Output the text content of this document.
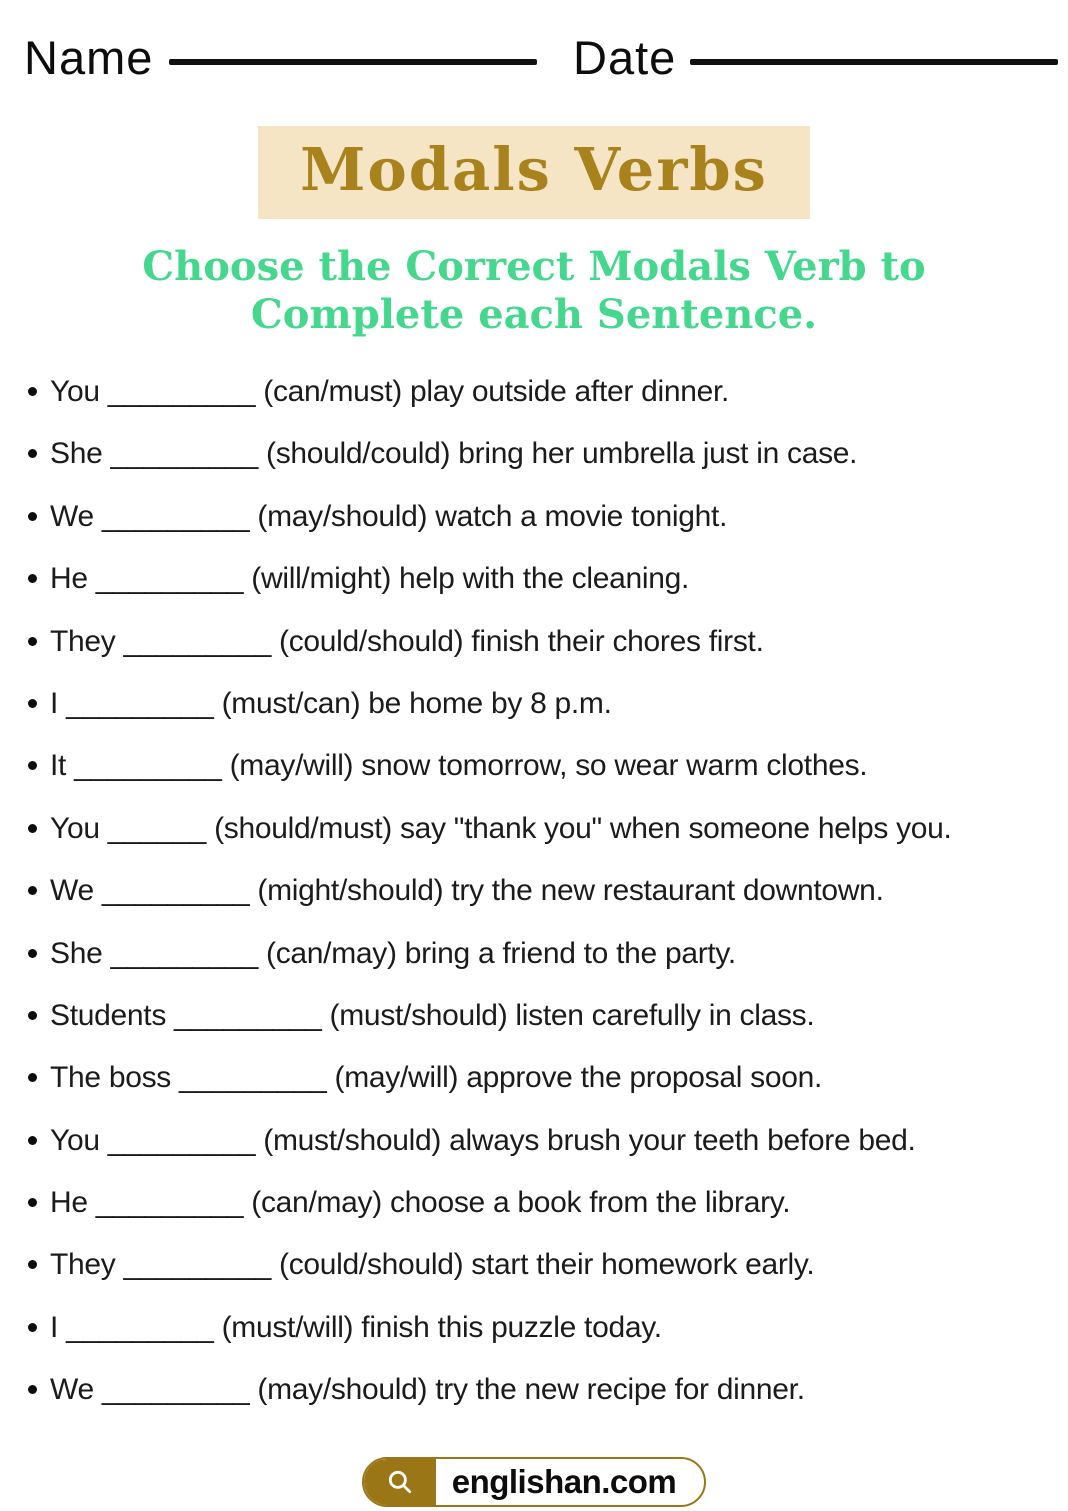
Name	Date
Modals Verbs
Choose the Correct Modals Verb to Complete each Sentence.
You _________ (can/must) play outside after dinner.
She _________ (should/could) bring her umbrella just in case.
We _________ (may/should) watch a movie tonight.
He _________ (will/might) help with the cleaning.
They _________ (could/should) finish their chores first.
I _________ (must/can) be home by 8 p.m.
It _________ (may/will) snow tomorrow, so wear warm clothes.
You ______ (should/must) say "thank you" when someone helps you.
We _________ (might/should) try the new restaurant downtown.
She _________ (can/may) bring a friend to the party.
Students _________ (must/should) listen carefully in class.
The boss _________ (may/will) approve the proposal soon.
You _________ (must/should) always brush your teeth before bed.
He _________ (can/may) choose a book from the library.
They _________ (could/should) start their homework early.
I _________ (must/will) finish this puzzle today.
We _________ (may/should) try the new recipe for dinner.
englishan.com
